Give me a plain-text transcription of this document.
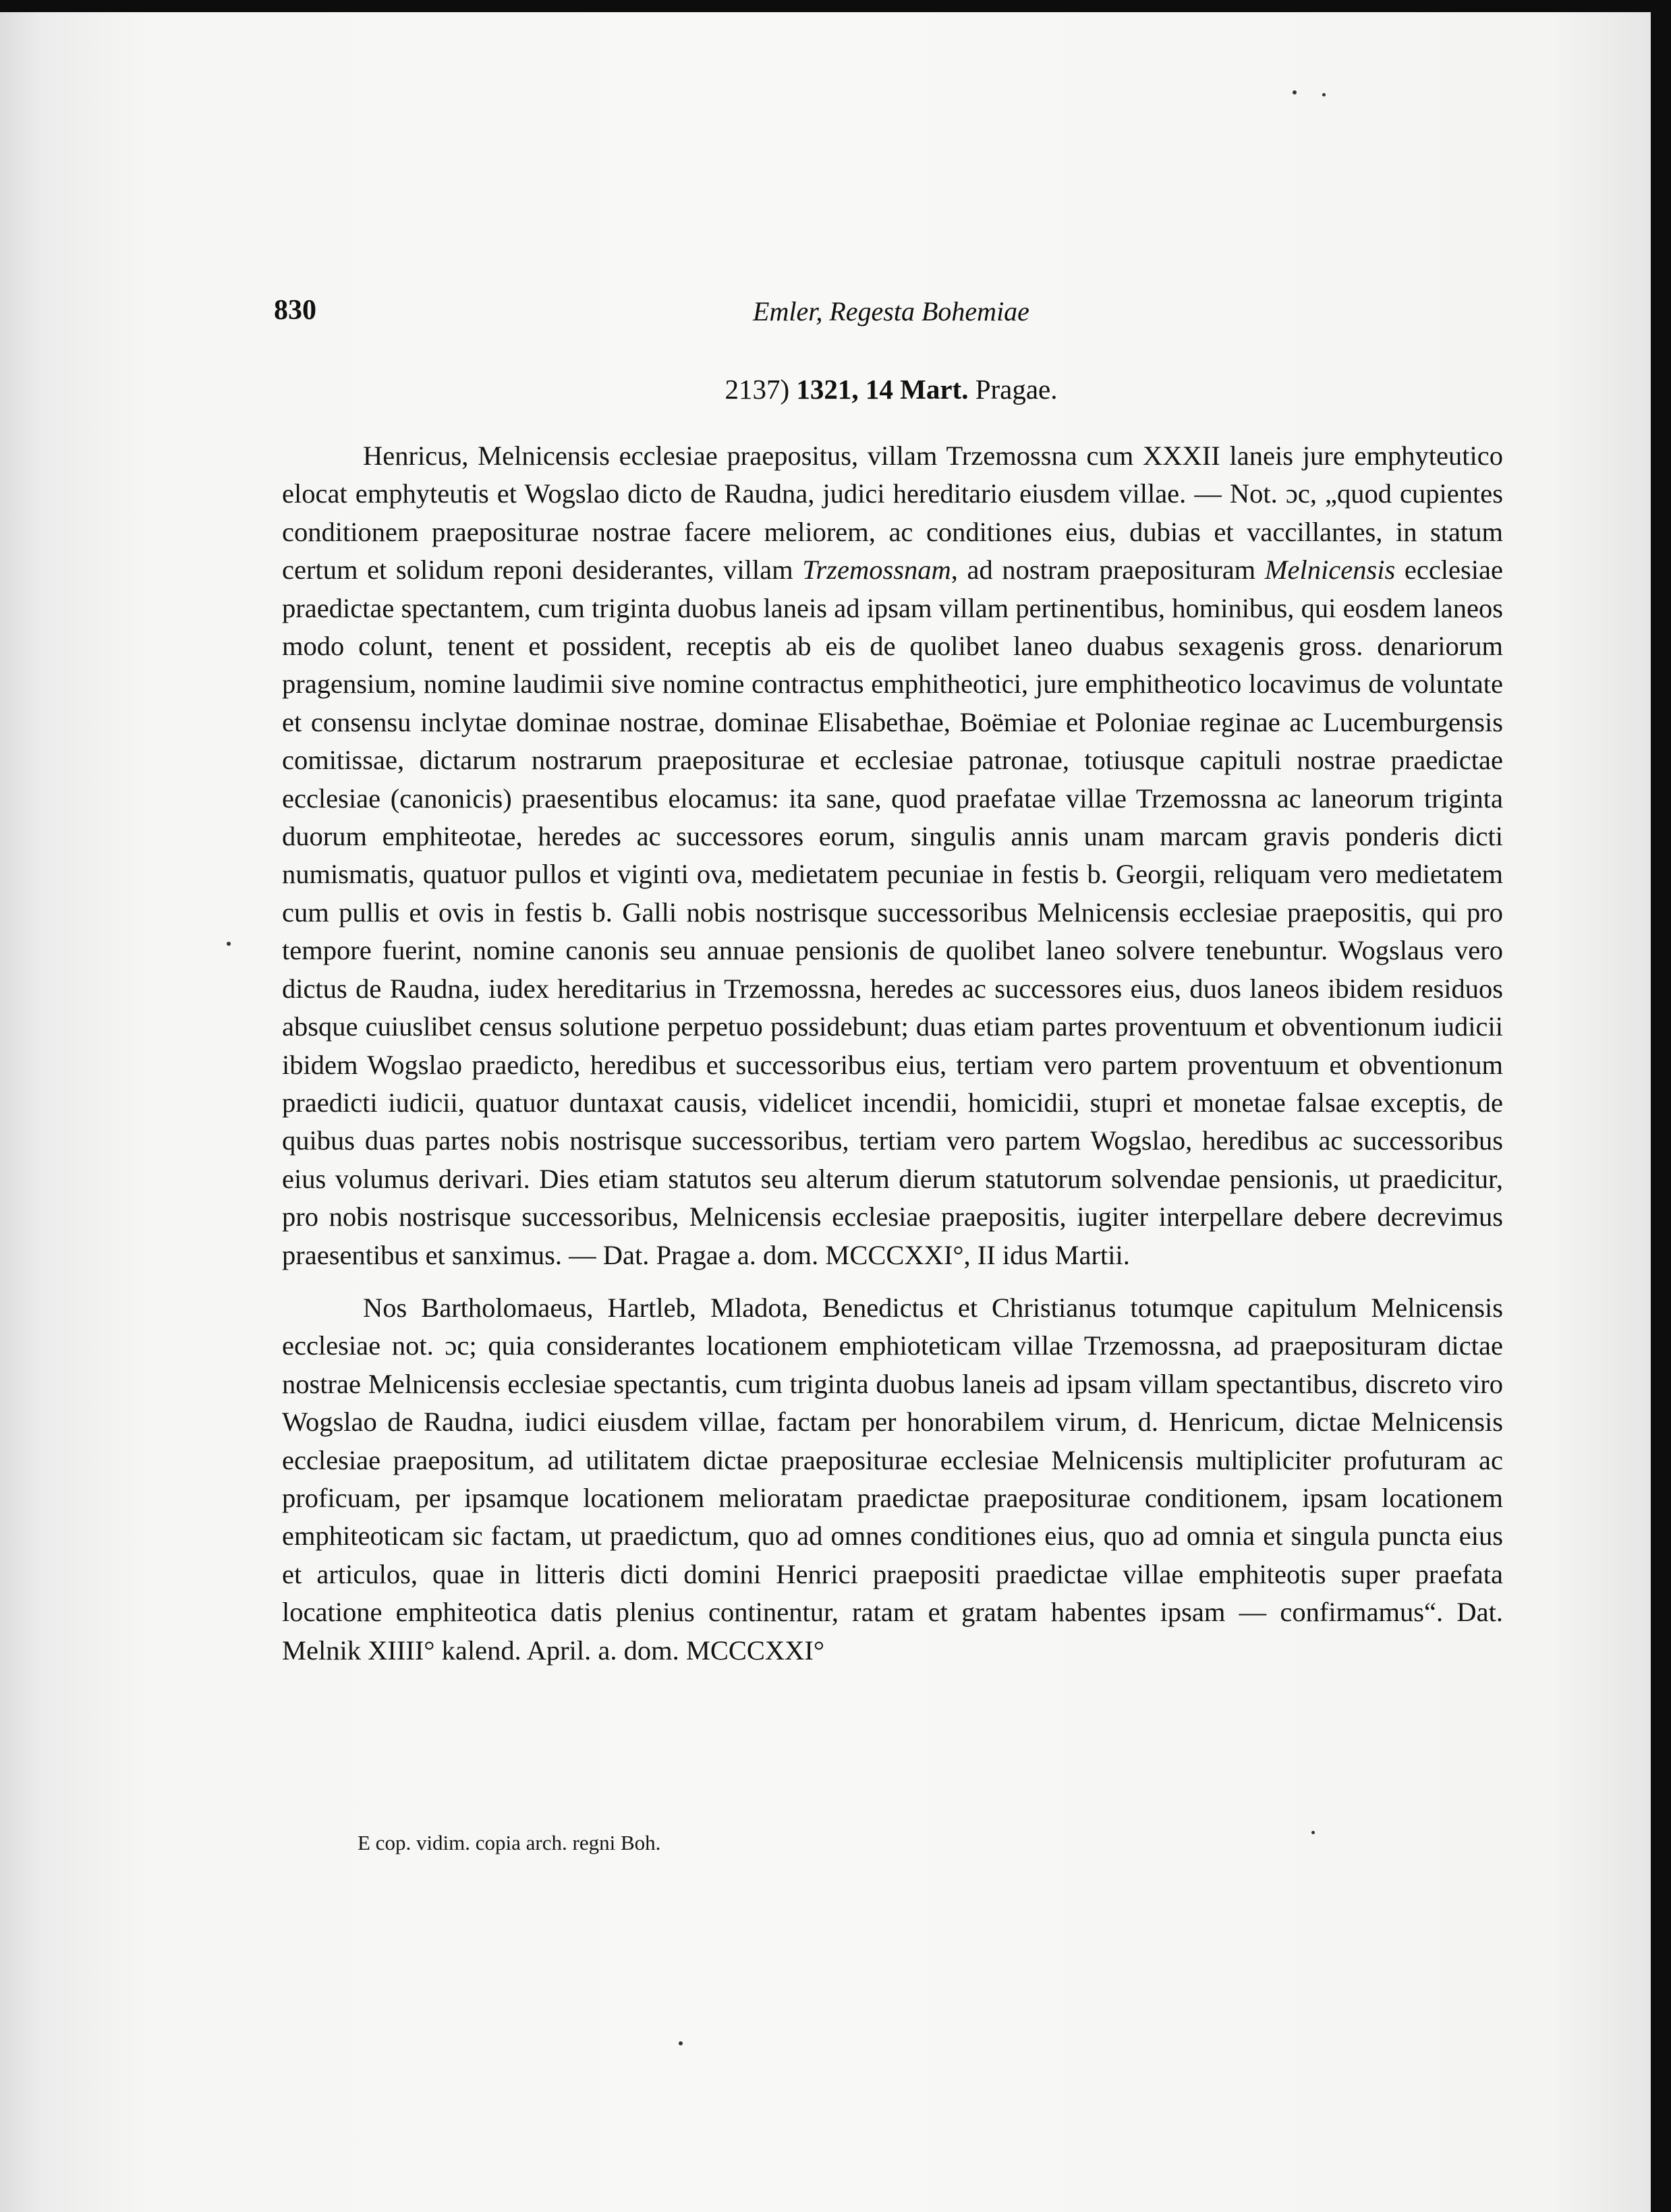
830	Emler, Regesta Bohemiae
2137) 1321, 14 Mart. Pragae.

Henricus, Melnicensis ecclesiae praepositus, villam Trzemossna cum XXXII laneis jure emphyteutico elocat emphyteutis et Wogslao dicto de Raudna, judici hereditario eiusdem villae. — Not. ɔc, „quod cupientes conditionem praepositurae nostrae facere meliorem, ac conditiones eius, dubias et vaccillantes, in statum certum et solidum reponi desiderantes, villam Trzemossnam, ad nostram praeposituram Melnicensis ecclesiae praedictae spectantem, cum triginta duobus laneis ad ipsam villam pertinentibus, hominibus, qui eosdem laneos modo colunt, tenent et possident, receptis ab eis de quolibet laneo duabus sexagenis gross. denariorum pragensium, nomine laudimii sive nomine contractus emphitheotici, jure emphitheotico locavimus de voluntate et consensu inclytae dominae nostrae, dominae Elisabethae, Boëmiae et Poloniae reginae ac Lucemburgensis comitissae, dictarum nostrarum praepositurae et ecclesiae patronae, totiusque capituli nostrae praedictae ecclesiae (canonicis) praesentibus elocamus: ita sane, quod praefatae villae Trzemossna ac laneorum triginta duorum emphiteotae, heredes ac successores eorum, singulis annis unam marcam gravis ponderis dicti numismatis, quatuor pullos et viginti ova, medietatem pecuniae in festis b. Georgii, reliquam vero medietatem cum pullis et ovis in festis b. Galli nobis nostrisque successoribus Melnicensis ecclesiae praepositis, qui pro tempore fuerint, nomine canonis seu annuae pensionis de quolibet laneo solvere tenebuntur. Wogslaus vero dictus de Raudna, iudex hereditarius in Trzemossna, heredes ac successores eius, duos laneos ibidem residuos absque cuiuslibet census solutione perpetuo possidebunt; duas etiam partes proventuum et obventionum iudicii ibidem Wogslao praedicto, heredibus et successoribus eius, tertiam vero partem proventuum et obventionum praedicti iudicii, quatuor duntaxat causis, videlicet incendii, homicidii, stupri et monetae falsae exceptis, de quibus duas partes nobis nostrisque successoribus, tertiam vero partem Wogslao, heredibus ac successoribus eius volumus derivari. Dies etiam statutos seu alterum dierum statutorum solvendae pensionis, ut praedicitur, pro nobis nostrisque successoribus, Melnicensis ecclesiae praepositis, iugiter interpellare debere decrevimus praesentibus et sanximus. — Dat. Pragae a. dom. MCCCXXI°, II idus Martii.

Nos Bartholomaeus, Hartleb, Mladota, Benedictus et Christianus totumque capitulum Melnicensis ecclesiae not. ɔc; quia considerantes locationem emphioteticam villae Trzemossna, ad praeposituram dictae nostrae Melnicensis ecclesiae spectantis, cum triginta duobus laneis ad ipsam villam spectantibus, discreto viro Wogslao de Raudna, iudici eiusdem villae, factam per honorabilem virum, d. Henricum, dictae Melnicensis ecclesiae praepositum, ad utilitatem dictae praepositurae ecclesiae Melnicensis multipliciter profuturam ac proficuam, per ipsamque locationem melioratam praedictae praepositurae conditionem, ipsam locationem emphiteoticam sic factam, ut praedictum, quo ad omnes conditiones eius, quo ad omnia et singula puncta eius et articulos, quae in litteris dicti domini Henrici praepositi praedictae villae emphiteotis super praefata locatione emphiteotica datis plenius continentur, ratam et gratam habentes ipsam — confirmamus“. Dat. Melnik XIIII° kalend. April. a. dom. MCCCXXI°

E cop. vidim. copia arch. regni Boh.
